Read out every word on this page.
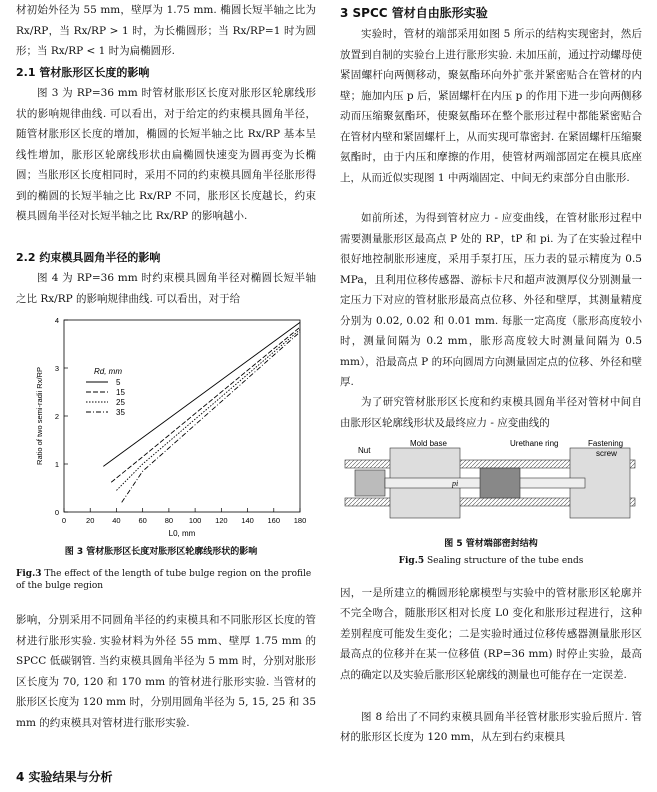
材初始外径为 55 mm，壁厚为 1.75 mm. 椭圆长短半轴之比为 Rx/RP，当 Rx/RP > 1 时，为长椭圆形；当 Rx/RP=1 时为圆形；当 Rx/RP < 1 时为扁椭圆形.

2.1 管材胀形区长度的影响

图 3 为 RP=36 mm 时管材胀形区长度对胀形区轮廓线形状的影响规律曲线. 可以看出，对于给定的约束模具圆角半径，随管材胀形区长度的增加，椭圆的长短半轴之比 Rx/RP 基本呈线性增加，胀形区轮廓线形状由扁椭圆快速变为圆再变为长椭圆；当胀形区长度相同时，采用不同的约束模具圆角半径胀形得到的椭圆的长短半轴之比 Rx/RP 不同，胀形区长度越长，约束模具圆角半径对长短半轴之比 Rx/RP 的影响越小.

2.2 约束模具圆角半径的影响

图 4 为 RP=36 mm 时约束模具圆角半径对椭圆长短半轴之比 Rx/RP 的影响规律曲线. 可以看出，对于给

0	20 40 60 80 100 120 140 160 180
0
1
2
3
4
L0, mm
Ratio of two semi-radii Rx/RP	Rd, mm
5
15
25
35
图 3 管材胀形区长度对胀形区轮廓线形状的影响
Fig.3 The effect of the length of tube bulge region on the profile of the bulge region

影响，分别采用不同圆角半径的约束模具和不同胀形区长度的管材进行胀形实验. 实验材料为外径 55 mm、壁厚 1.75 mm 的 SPCC 低碳钢管. 当约束模具圆角半径为 5 mm 时，分别对胀形区长度为 70, 120 和 170 mm 的管材进行胀形实验. 当管材的胀形区长度为 120 mm 时，分别用圆角半径为 5, 15, 25 和 35 mm 的约束模具对管材进行胀形实验.

4 实验结果与分析
3 SPCC 管材自由胀形实验

实验时，管材的端部采用如图 5 所示的结构实现密封，然后放置到自制的实验台上进行胀形实验. 未加压前，通过拧动螺母使紧固螺杆向两侧移动，聚氨酯环向外扩张并紧密贴合在管材的内壁；施加内压 p 后，紧固螺杆在内压 p 的作用下进一步向两侧移动而压缩聚氨酯环，使聚氨酯环在整个胀形过程中都能紧密贴合在管材内壁和紧固螺杆上，从而实现可靠密封. 在紧固螺杆压缩聚氨酯时，由于内压和摩擦的作用，使管材两端部固定在模具底座上，从而近似实现图 1 中两端固定、中间无约束部分自由胀形.

如前所述，为得到管材应力 - 应变曲线，在管材胀形过程中需要测量胀形区最高点 P 处的 RP，tP 和 pi. 为了在实验过程中很好地控制胀形速度，采用手泵打压，压力表的显示精度为 0.5 MPa，且利用位移传感器、游标卡尺和超声波测厚仪分别测量一定压力下对应的管材胀形最高点位移、外径和壁厚，其测量精度分别为 0.02, 0.02 和 0.01 mm. 每胀一定高度（胀形高度较小时，测量间隔为 0.2 mm，胀形高度较大时测量间隔为 0.5 mm），沿最高点 P 的环向圆周方向测量固定点的位移、外径和壁厚.

为了研究管材胀形区长度和约束模具圆角半径对管材中间自由胀形区轮廓线形状及最终应力 - 应变曲线的

Nut
Mold base	Urethane ring	Fastening
screw
pi
图 5 管材端部密封结构
Fig.5 Sealing structure of the tube ends

因，一是所建立的椭圆形轮廓模型与实验中的管材胀形区轮廓并不完全吻合，随胀形区相对长度 L0 变化和胀形过程进行，这种差别程度可能发生变化；二是实验时通过位移传感器测量胀形区最高点的位移并在某一位移值 (RP=36 mm) 时停止实验，最高点的确定以及实验后胀形区轮廓线的测量也可能存在一定误差.

图 8 给出了不同约束模具圆角半径管材胀形实验后照片. 管材的胀形区长度为 120 mm，从左到右约束模具
